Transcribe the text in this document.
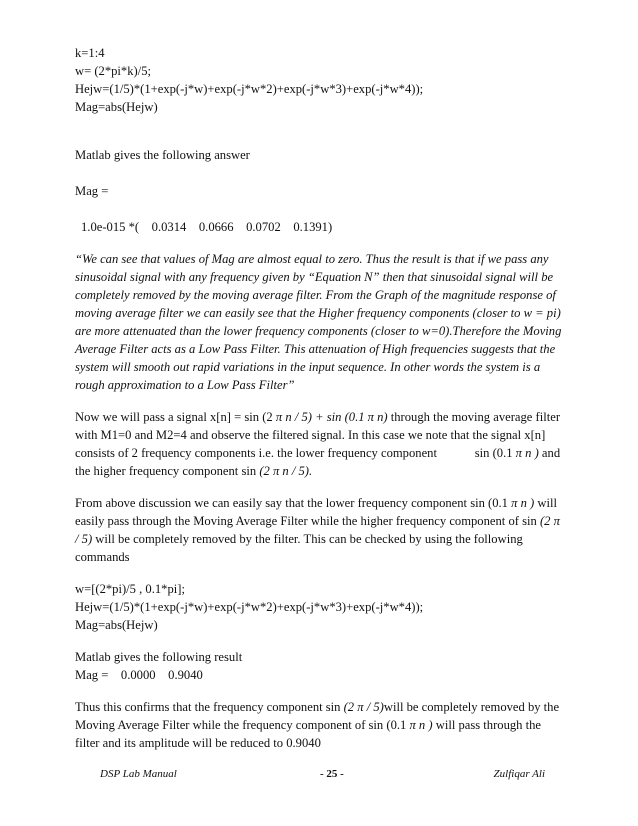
k=1:4

w= (2*pi*k)/5;

Hejw=(1/5)*(1+exp(-j*w)+exp(-j*w*2)+exp(-j*w*3)+exp(-j*w*4));

Mag=abs(Hejw)

Matlab gives the following answer

Mag =

1.0e-015 *(    0.0314    0.0666    0.0702    0.1391)

“We can see that values of Mag are almost equal to zero. Thus the result is that if we pass any sinusoidal signal with any frequency given by “Equation N” then that sinusoidal signal will be completely removed by the moving average filter. From the Graph of the magnitude response of moving average filter we can easily see that the Higher frequency components (closer to w = pi) are more attenuated than the lower frequency components (closer to w=0).Therefore the Moving Average Filter acts as a Low Pass Filter. This attenuation of High frequencies suggests that the system will smooth out rapid variations in the input sequence. In other words the system is a rough approximation to a Low Pass Filter”

Now we will pass a signal x[n] = sin (2 π n / 5) + sin (0.1 π n) through the moving average filter with M1=0 and M2=4 and observe the filtered signal. In this case we note that the signal x[n] consists of 2 frequency components i.e. the lower frequency component            sin (0.1 π n ) and the higher frequency component sin (2 π n / 5).

From above discussion we can easily say that the lower frequency component sin (0.1 π n ) will easily pass through the Moving Average Filter while the higher frequency component of sin (2 π / 5) will be completely removed by the filter. This can be checked by using the following commands

w=[(2*pi)/5 , 0.1*pi];

Hejw=(1/5)*(1+exp(-j*w)+exp(-j*w*2)+exp(-j*w*3)+exp(-j*w*4));

Mag=abs(Hejw)

Matlab gives the following result

Mag =    0.0000    0.9040

Thus this confirms that the frequency component sin (2 π / 5)will be completely removed by the Moving Average Filter while the frequency component of sin (0.1 π n ) will pass through the filter and its amplitude will be reduced to 0.9040

DSP Lab Manual	- 25 -	Zulfiqar Ali
